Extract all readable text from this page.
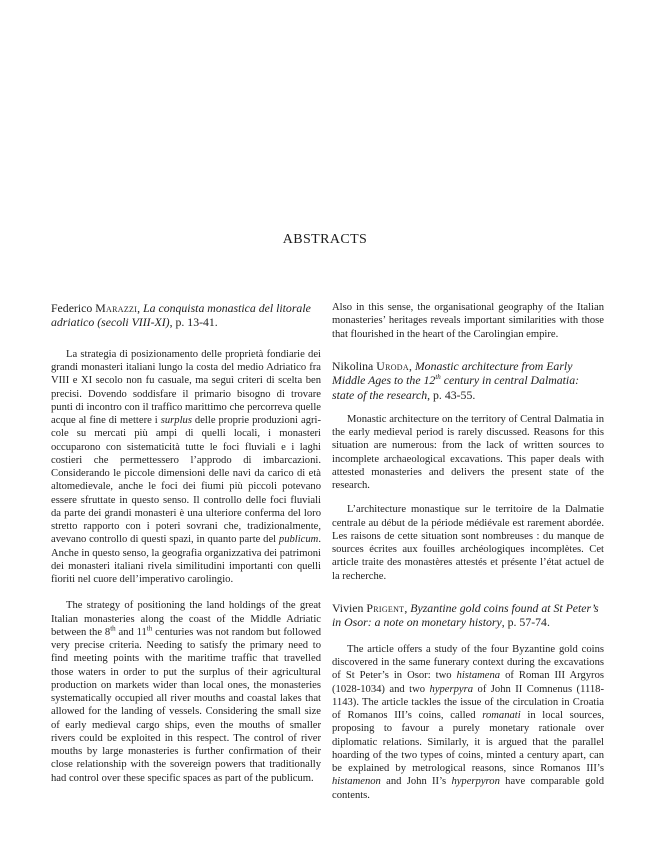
ABSTRACTS

Federico Marazzi, La conquista monastica del litorale adriatico (secoli VIII-XI), p. 13-41.

La strategia di posizionamento delle proprietà fondiarie dei grandi monasteri italiani lungo la costa del medio Adriatico fra VIII e XI secolo non fu casuale, ma seguì criteri di scelta ben precisi. Dovendo soddisfare il primario bisogno di trovare punti di incontro con il traffico marittimo che percorreva quelle acque al fine di mettere i surplus delle proprie produzioni agricole su mercati più ampi di quelli locali, i monasteri occuparono con sistematicità tutte le foci fluviali e i laghi costieri che permettessero l’approdo di imbarcazioni. Considerando le piccole dimensioni delle navi da carico di età altomedievale, anche le foci dei fiumi più piccoli potevano essere sfruttate in questo senso. Il controllo delle foci fluviali da parte dei grandi monasteri è una ulteriore conferma del loro stretto rapporto con i poteri sovrani che, tradizionalmente, avevano controllo di questi spazi, in quanto parte del publicum. Anche in questo senso, la geografia organizzativa dei patrimoni dei monasteri italiani rivela similitudini importanti con quelli fioriti nel cuore dell’imperativo carolingio.

The strategy of positioning the land holdings of the great Italian monasteries along the coast of the Middle Adriatic between the 8th and 11th centuries was not random but followed very precise criteria. Needing to satisfy the primary need to find meeting points with the maritime traffic that travelled those waters in order to put the surplus of their agricultural production on markets wider than local ones, the monasteries systematically occupied all river mouths and coastal lakes that allowed for the landing of vessels. Considering the small size of early medieval cargo ships, even the mouths of smaller rivers could be exploited in this respect. The control of river mouths by large monasteries is further confirmation of their close relationship with the sovereign powers that traditionally had control over these specific spaces as part of the publicum.

Also in this sense, the organisational geography of the Italian monasteries’ heritages reveals important similarities with those that flourished in the heart of the Carolingian empire.

Nikolina Uroda, Monastic architecture from Early Middle Ages to the 12th century in central Dalmatia: state of the research, p. 43-55.

Monastic architecture on the territory of Central Dalmatia in the early medieval period is rarely discussed. Reasons for this situation are numerous: from the lack of written sources to incomplete archaeological excavations. This paper deals with attested monasteries and delivers the present state of the research.

L’architecture monastique sur le territoire de la Dalmatie centrale au début de la période médiévale est rarement abordée. Les raisons de cette situation sont nombreuses : du manque de sources écrites aux fouilles archéologiques incomplètes. Cet article traite des monastères attestés et présente l’état actuel de la recherche.

Vivien Prigent, Byzantine gold coins found at St Peter’s in Osor: a note on monetary history, p. 57-74.

The article offers a study of the four Byzantine gold coins discovered in the same funerary context during the excavations of St Peter’s in Osor: two histamena of Roman III Argyros (1028-1034) and two hyperpyra of John II Comnenus (1118-1143). The article tackles the issue of the circulation in Croatia of Romanos III’s coins, called romanati in local sources, proposing to favour a purely monetary rationale over diplomatic relations. Similarly, it is argued that the parallel hoarding of the two types of coins, minted a century apart, can be explained by metrological reasons, since Romanos III’s histamenon and John II’s hyperpyron have comparable gold contents.
